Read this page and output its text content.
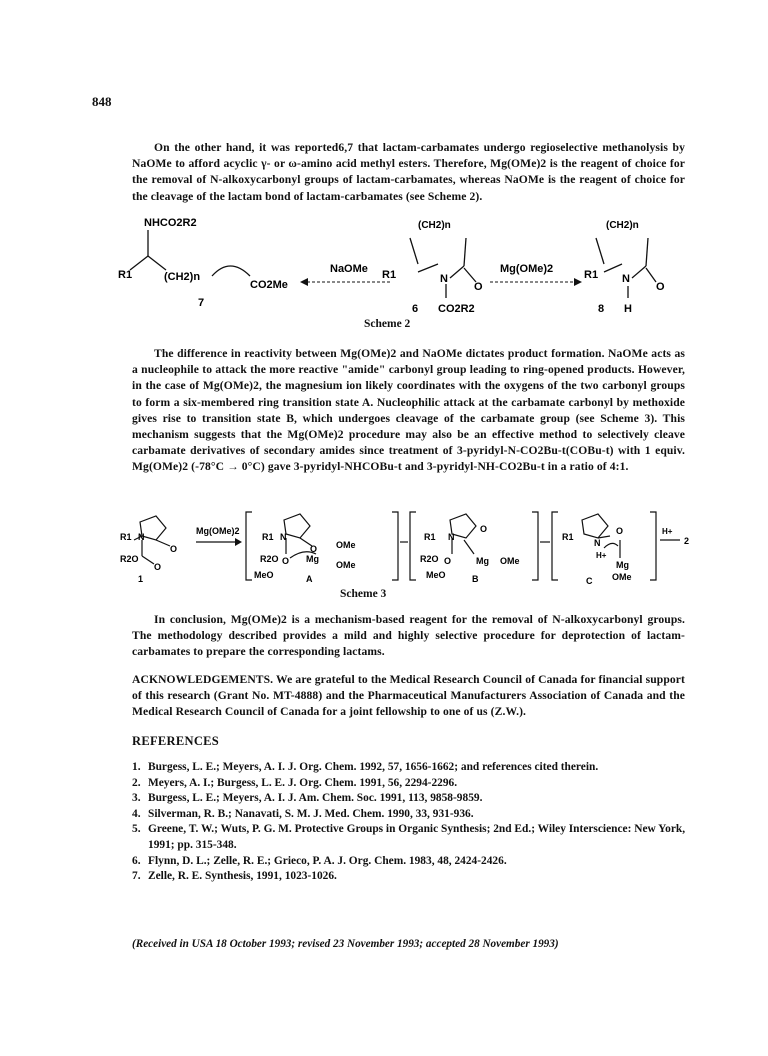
848

On the other hand, it was reported6,7 that lactam-carbamates undergo regioselective methanolysis by NaOMe to afford acyclic γ- or ω-amino acid methyl esters. Therefore, Mg(OMe)2 is the reagent of choice for the removal of N-alkoxycarbonyl groups of lactam-carbamates, whereas NaOMe is the reagent of choice for the cleavage of the lactam bond of lactam-carbamates (see Scheme 2).

NHCO2R2
R1	(CH2)n
CO2Me
7
NaOMe
(CH2)n
R1	N
O
6 CO2R2
Mg(OMe)2
(CH2)n
R1 N
O
8 H
Scheme 2

The difference in reactivity between Mg(OMe)2 and NaOMe dictates product formation. NaOMe acts as a nucleophile to attack the more reactive "amide" carbonyl group leading to ring-opened products. However, in the case of Mg(OMe)2, the magnesium ion likely coordinates with the oxygens of the two carbonyl groups to form a six-membered ring transition state A. Nucleophilic attack at the carbamate carbonyl by methoxide gives rise to transition state B, which undergoes cleavage of the carbamate group (see Scheme 3). This mechanism suggests that the Mg(OMe)2 procedure may also be an effective method to selectively cleave carbamate derivatives of secondary amides since treatment of 3-pyridyl-N-CO2Bu-t(COBu-t) with 1 equiv. Mg(OMe)2 (-78°C → 0°C) gave 3-pyridyl-NHCOBu-t and 3-pyridyl-NH-CO2Bu-t in a ratio of 4:1.

Mg(OMe)2
R1 N
O
R2O
O
1
R1 N
O
R2O O Mg
OMe
OMe
MeO	A
R1 N
O
R2O O	Mg OMe
MeO	B
R1
N
O
H+
Mg
OMe
C
H+
2
Scheme 3

In conclusion, Mg(OMe)2 is a mechanism-based reagent for the removal of N-alkoxycarbonyl groups. The methodology described provides a mild and highly selective procedure for deprotection of lactam-carbamates to prepare the corresponding lactams.

ACKNOWLEDGEMENTS. We are grateful to the Medical Research Council of Canada for financial support of this research (Grant No. MT-4888) and the Pharmaceutical Manufacturers Association of Canada and the Medical Research Council of Canada for a joint fellowship to one of us (Z.W.).

REFERENCES
1. Burgess, L. E.; Meyers, A. I. J. Org. Chem. 1992, 57, 1656-1662; and references cited therein.
2. Meyers, A. I.; Burgess, L. E. J. Org. Chem. 1991, 56, 2294-2296.
3. Burgess, L. E.; Meyers, A. I. J. Am. Chem. Soc. 1991, 113, 9858-9859.
4. Silverman, R. B.; Nanavati, S. M. J. Med. Chem. 1990, 33, 931-936.
5. Greene, T. W.; Wuts, P. G. M. Protective Groups in Organic Synthesis; 2nd Ed.; Wiley Interscience: New York, 1991; pp. 315-348.
6. Flynn, D. L.; Zelle, R. E.; Grieco, P. A. J. Org. Chem. 1983, 48, 2424-2426.
7. Zelle, R. E. Synthesis, 1991, 1023-1026.
(Received in USA 18 October 1993; revised 23 November 1993; accepted 28 November 1993)
